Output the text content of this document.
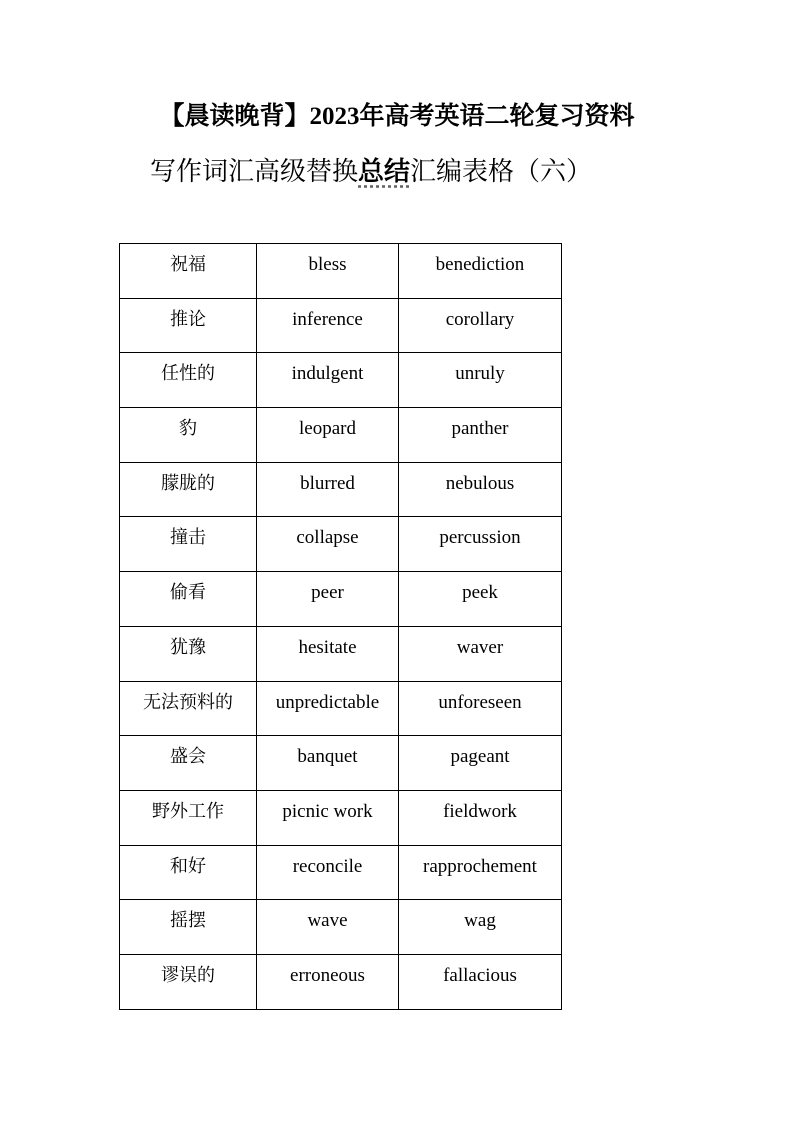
【晨读晚背】2023年高考英语二轮复习资料
写作词汇高级替换总结汇编表格（六）
祝福	bless	benediction

推论	inference	corollary

任性的	indulgent	unruly

豹	leopard	panther

朦胧的	blurred	nebulous

撞击	collapse	percussion

偷看	peer	peek

犹豫	hesitate	waver

无法预料的	unpredictable	unforeseen

盛会	banquet	pageant

野外工作	picnic work	fieldwork

和好	reconcile	rapprochement

摇摆	wave	wag

谬误的	erroneous	fallacious
